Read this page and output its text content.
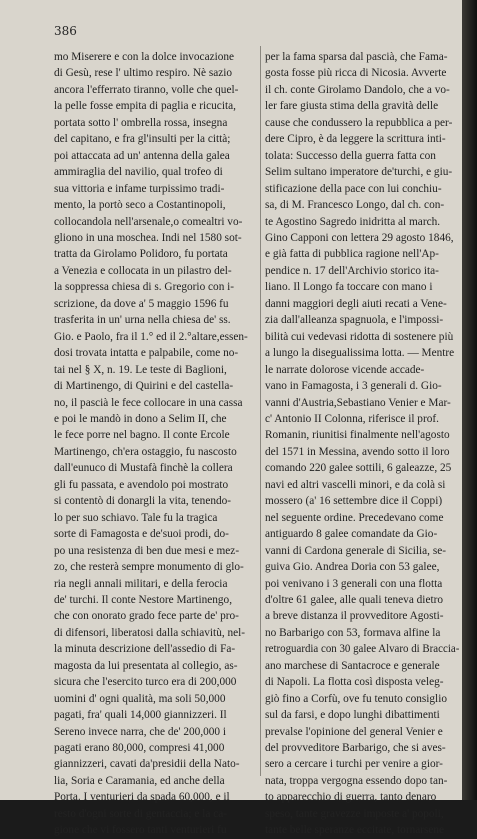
386
mo Miserere e con la dolce invocazione
di Gesù, rese l' ultimo respiro. Nè sazio
ancora l'efferrato tiranno, volle che quel-
la pelle fosse empita di paglia e ricucita,
portata sotto l' ombrella rossa, insegna
del capitano, e fra gl'insulti per la città;
poi attaccata ad un' antenna della galea
ammiraglia del navilio, qual trofeo di
sua vittoria e infame turpissimo tradi-
mento, la portò seco a Costantinopoli,
collocandola nell'arsenale,o comealtri vo-
gliono in una moschea. Indi nel 1580 sot-
tratta da Girolamo Polidoro, fu portata
a Venezia e collocata in un pilastro del-
la soppressa chiesa di s. Gregorio con i-
scrizione, da dove a' 5 maggio 1596 fu
trasferita in un' urna nella chiesa de' ss.
Gio. e Paolo, fra il 1.° ed il 2.°altare,essen-
dosi trovata intatta e palpabile, come no-
tai nel § X, n. 19. Le teste di Baglioni,
di Martinengo, di Quirini e del castella-
no, il pascià le fece collocare in una cassa
e poi le mandò in dono a Selim II, che
le fece porre nel bagno. Il conte Ercole
Martinengo, ch'era ostaggio, fu nascosto
dall'eunuco di Mustafà finchè la collera
gli fu passata, e avendolo poi mostrato
si contentò di donargli la vita, tenendo-
lo per suo schiavo. Tale fu la tragica
sorte di Famagosta e de'suoi prodi, do-
po una resistenza di ben due mesi e mez-
zo, che resterà sempre monumento di glo-
ria negli annali militari, e della ferocia
de' turchi. Il conte Nestore Martinengo,
che con onorato grado fece parte de' pro-
di difensori, liberatosi dalla schiavitù, nel-
la minuta descrizione dell'assedio di Fa-
magosta da lui presentata al collegio, as-
sicura che l'esercito turco era di 200,000
uomini d' ogni qualità, ma soli 50,000
pagati, fra' quali 14,000 giannizzeri. Il
Sereno invece narra, che de' 200,000 i
pagati erano 80,000, compresi 41,000
giannizzeri, cavati da'presidii della Nato-
lia, Soria e Caramania, ed anche della
Porta. I venturieri da spada 60,000, e il
resto d'ogni sorte di gentaccia; e la ca-
gione che vi fossero tanti venturieri fu
per la fama sparsa dal pascià, che Fama-
gosta fosse più ricca di Nicosia. Avverte
il ch. conte Girolamo Dandolo, che a vo-
ler fare giusta stima della gravità delle
cause che condussero la repubblica a per-
dere Cipro, è da leggere la scrittura inti-
tolata: Successo della guerra fatta con
Selim sultano imperatore de'turchi, e giu-
stificazione della pace con lui conchiu-
sa, di M. Francesco Longo, dal ch. con-
te Agostino Sagredo inidritta al march.
Gino Capponi con lettera 29 agosto 1846,
e già fatta di pubblica ragione nell'Ap-
pendice n. 17 dell'Archivio storico ita-
liano. Il Longo fa toccare con mano i
danni maggiori degli aiuti recati a Vene-
zia dall'alleanza spagnuola, e l'impossi-
bilità cui vedevasi ridotta di sostenere più
a lungo la disegualissima lotta. — Mentre
le narrate dolorose vicende accade-
vano in Famagosta, i 3 generali d. Gio-
vanni d'Austria,Sebastiano Venier e Mar-
c' Antonio II Colonna, riferisce il prof.
Romanin, riunitisi finalmente nell'agosto
del 1571 in Messina, avendo sotto il loro
comando 220 galee sottili, 6 galeazze, 25
navi ed altri vascelli minori, e da colà si
mossero (a' 16 settembre dice il Coppi)
nel seguente ordine. Precedevano come
antiguardo 8 galee comandate da Gio-
vanni di Cardona generale di Sicilia, se-
guiva Gio. Andrea Doria con 53 galee,
poi venivano i 3 generali con una flotta
d'oltre 61 galee, alle quali teneva dietro
a breve distanza il provveditore Agosti-
no Barbarigo con 53, formava alfine la
retroguardia con 30 galee Alvaro di Braccia-
ano marchese di Santacroce e generale
di Napoli. La flotta così disposta veleg-
giò fino a Corfù, ove fu tenuto consiglio
sul da farsi, e dopo lunghi dibattimenti
prevalse l'opinione del general Venier e
del provveditore Barbarigo, che si aves-
sero a cercare i turchi per venire a gior-
nata, troppa vergogna essendo dopo tan-
to apparecchio di guerra, tanto denaro
speso, tante gravezze imposte a' popoli,
tante belle speranze eccitate, tornarsene
